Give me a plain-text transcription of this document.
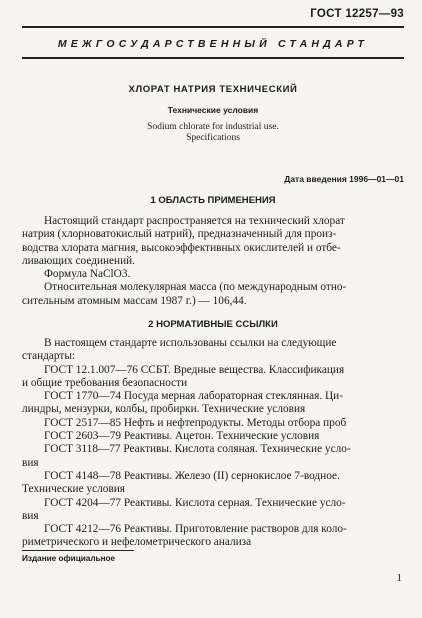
ГОСТ 12257—93
МЕЖГОСУДАРСТВЕННЫЙ СТАНДАРТ
ХЛОРАТ НАТРИЯ ТЕХНИЧЕСКИЙ
Технические условия
Sodium chlorate for industrial use.
Specifications
Дата введения 1996—01—01
1 ОБЛАСТЬ ПРИМЕНЕНИЯ
Настоящий стандарт распространяется на технический хлорат
натрия (хлорноватокислый натрий), предназначенный для произ-
водства хлората магния, высокоэффективных окислителей и отбе-
ливающих соединений.
Формула NaClO3.
Относительная молекулярная масса (по международным отно-
сительным атомным массам 1987 г.) — 106,44.
2 НОРМАТИВНЫЕ ССЫЛКИ
В настоящем стандарте использованы ссылки на следующие
стандарты:
ГОСТ 12.1.007—76 ССБТ. Вредные вещества. Классификация
и общие требования безопасности
ГОСТ 1770—74 Посуда мерная лабораторная стеклянная. Ци-
линдры, мензурки, колбы, пробирки. Технические условия
ГОСТ 2517—85 Нефть и нефтепродукты. Методы отбора проб
ГОСТ 2603—79 Реактивы. Ацетон. Технические условия
ГОСТ 3118—77 Реактивы. Кислота соляная. Технические усло-
вия
ГОСТ 4148—78 Реактивы. Железо (II) сернокислое 7-водное.
Технические условия
ГОСТ 4204—77 Реактивы. Кислота серная. Технические усло-
вия
ГОСТ 4212—76 Реактивы. Приготовление растворов для коло-
риметрического и нефелометрического анализа
Издание официальное
1
